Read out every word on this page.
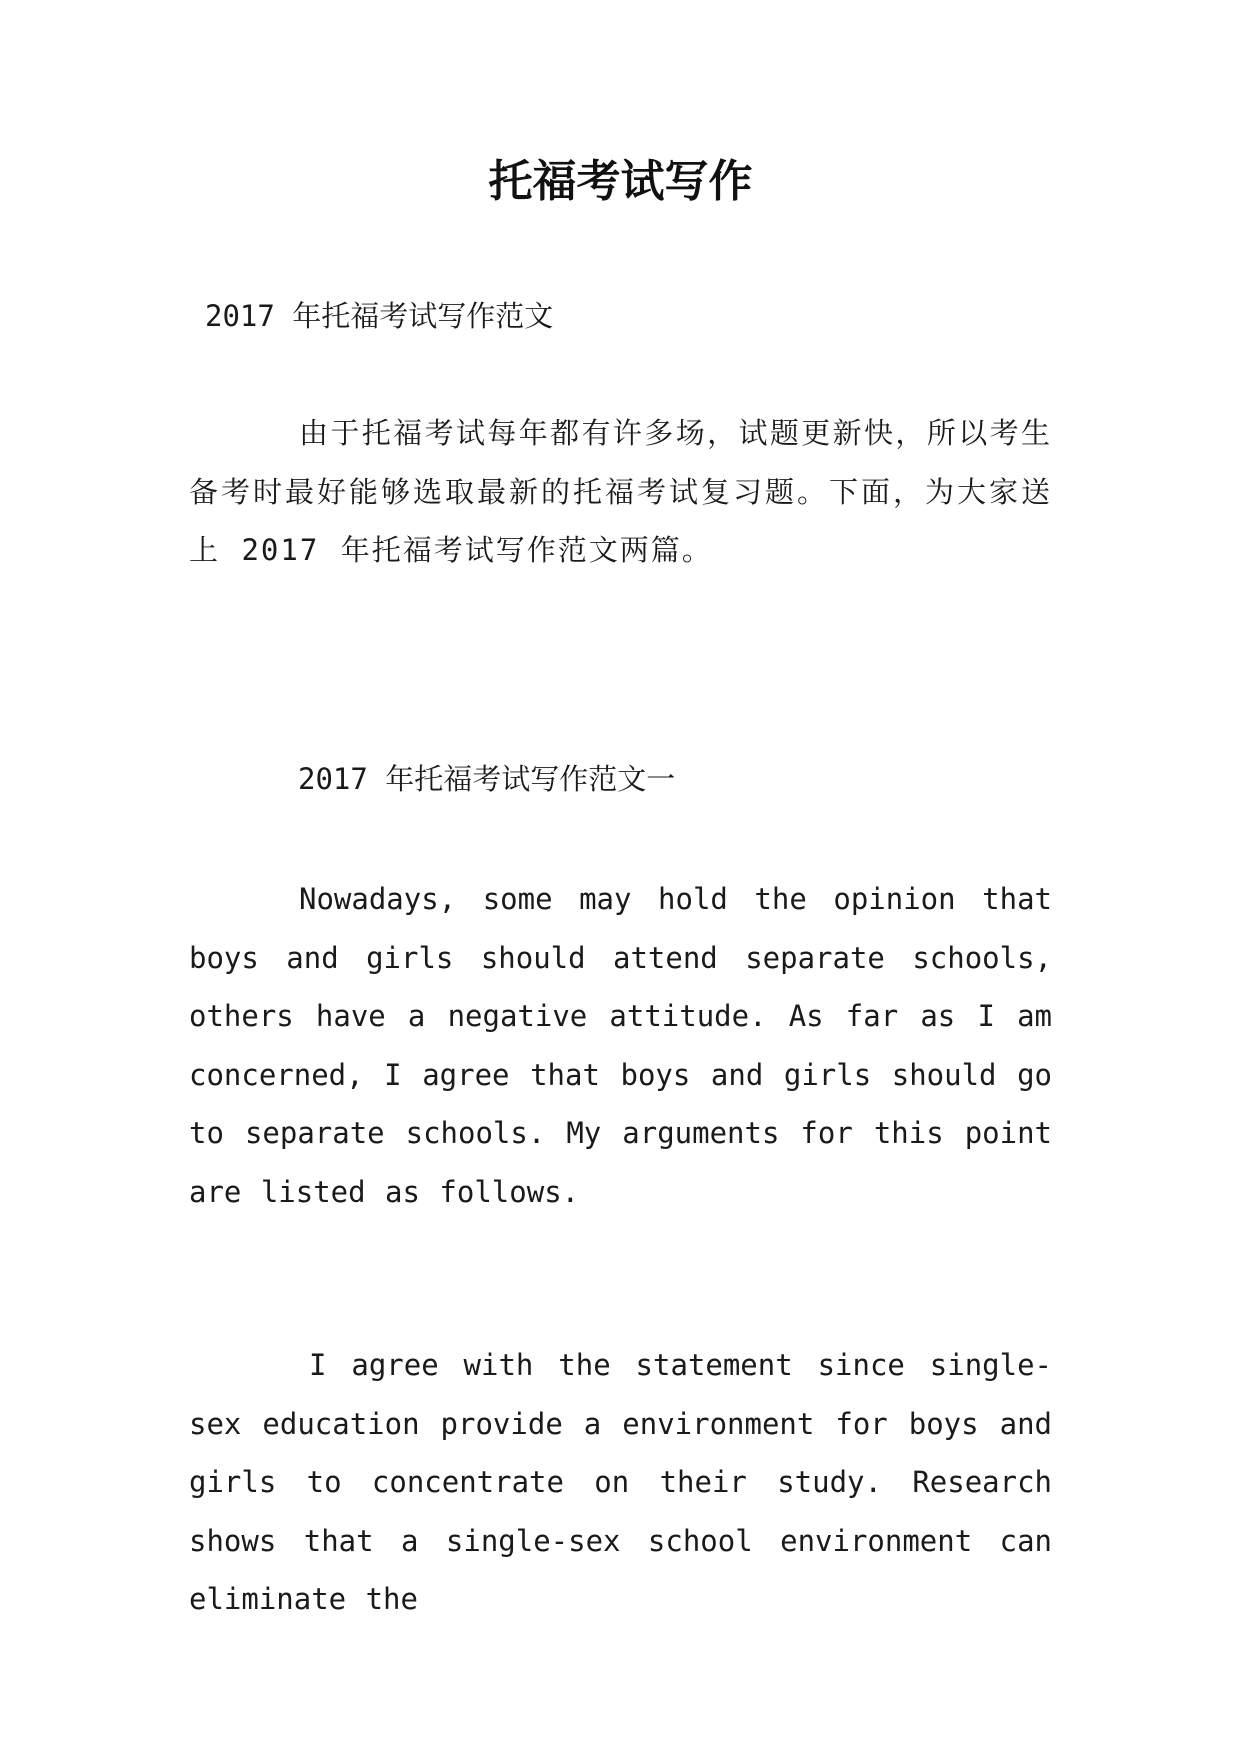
托福考试写作

2017 年托福考试写作范文

由于托福考试每年都有许多场，试题更新快，所以考生备考时最好能够选取最新的托福考试复习题。下面，为大家送上 2017 年托福考试写作范文两篇。

2017 年托福考试写作范文一

Nowadays, some may hold the opinion that boys and girls should attend separate schools, others have a negative attitude. As far as I am concerned, I agree that boys and girls should go to separate schools. My arguments for this point are listed as follows.

I agree with the statement since single-sex education provide a environment for boys and girls to concentrate on their study. Research shows that a single-sex school environment can eliminate the
